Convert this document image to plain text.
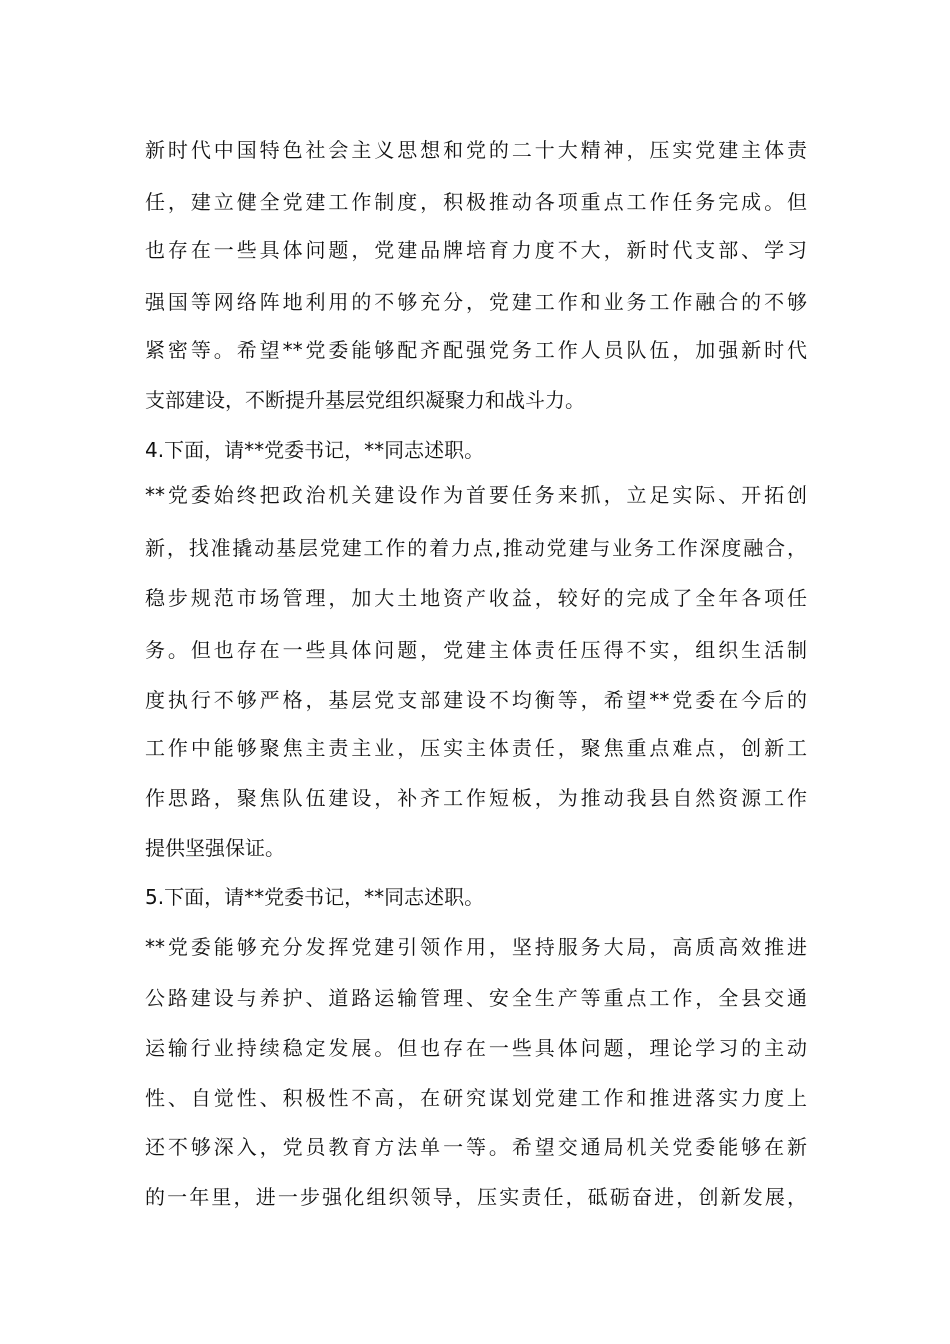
新时代中国特色社会主义思想和党的二十大精神，压实党建主体责
任，建立健全党建工作制度，积极推动各项重点工作任务完成。但
也存在一些具体问题，党建品牌培育力度不大，新时代支部、学习
强国等网络阵地利用的不够充分，党建工作和业务工作融合的不够
紧密等。希望**党委能够配齐配强党务工作人员队伍，加强新时代
支部建设，不断提升基层党组织凝聚力和战斗力。
4.下面，请**党委书记，**同志述职。
**党委始终把政治机关建设作为首要任务来抓，立足实际、开拓创
新，找准撬动基层党建工作的着力点,推动党建与业务工作深度融合，
稳步规范市场管理，加大土地资产收益，较好的完成了全年各项任
务。但也存在一些具体问题，党建主体责任压得不实，组织生活制
度执行不够严格，基层党支部建设不均衡等，希望**党委在今后的
工作中能够聚焦主责主业，压实主体责任，聚焦重点难点，创新工
作思路，聚焦队伍建设，补齐工作短板，为推动我县自然资源工作
提供坚强保证。
5.下面，请**党委书记，**同志述职。
**党委能够充分发挥党建引领作用，坚持服务大局，高质高效推进
公路建设与养护、道路运输管理、安全生产等重点工作，全县交通
运输行业持续稳定发展。但也存在一些具体问题，理论学习的主动
性、自觉性、积极性不高，在研究谋划党建工作和推进落实力度上
还不够深入，党员教育方法单一等。希望交通局机关党委能够在新
的一年里，进一步强化组织领导，压实责任，砥砺奋进，创新发展，
